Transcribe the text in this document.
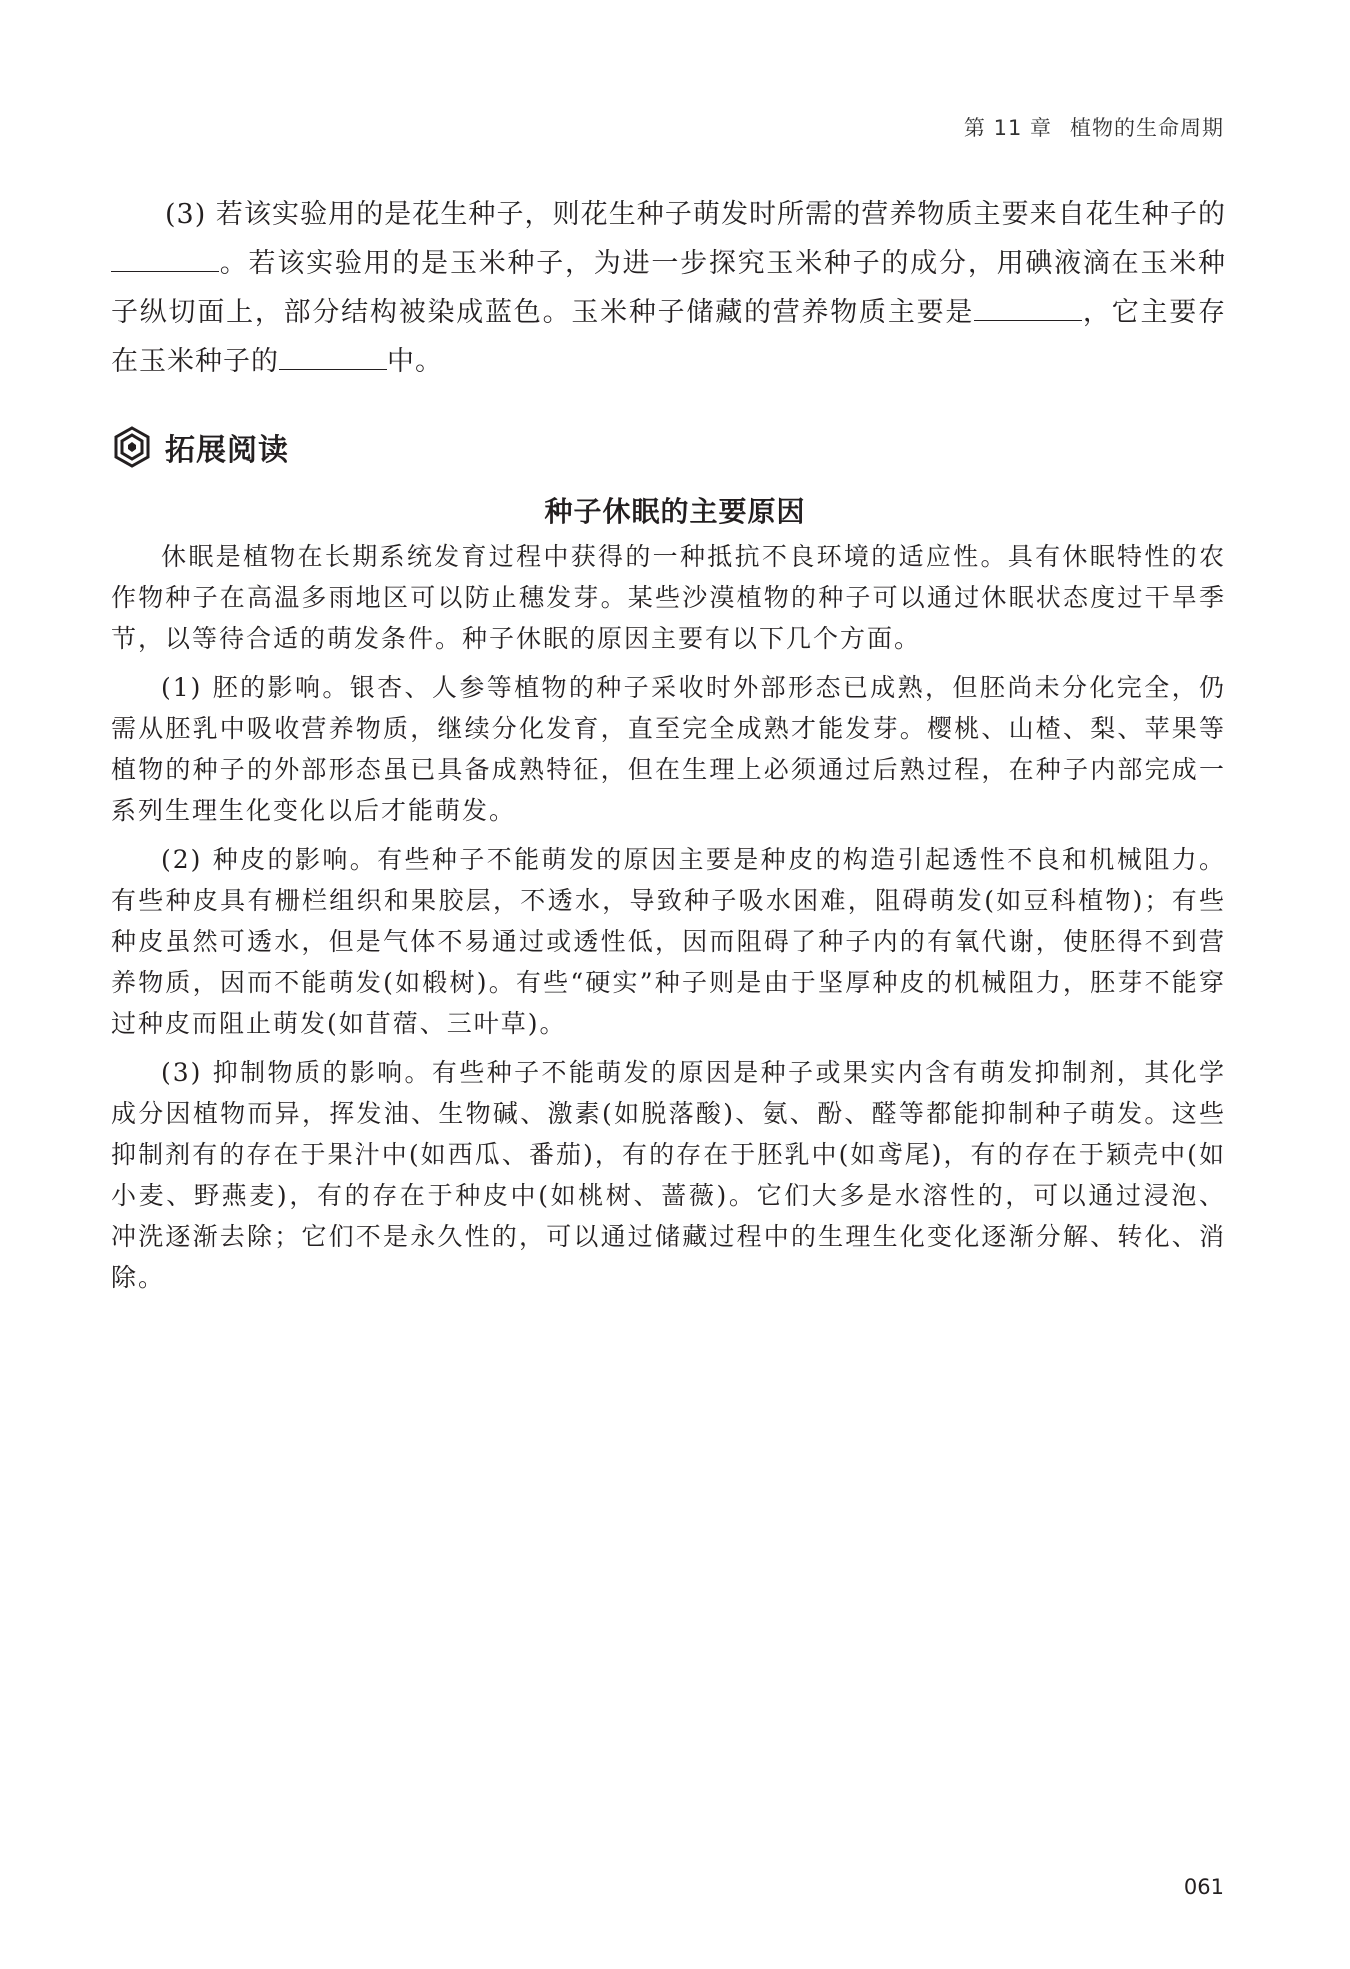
第 11 章 植物的生命周期

(3) 若该实验用的是花生种子，则花生种子萌发时所需的营养物质主要来自花生种子的。若该实验用的是玉米种子，为进一步探究玉米种子的成分，用碘液滴在玉米种子纵切面上，部分结构被染成蓝色。玉米种子储藏的营养物质主要是	，它主要存在玉米种子的	中。

拓展阅读
种子休眠的主要原因

休眠是植物在长期系统发育过程中获得的一种抵抗不良环境的适应性。具有休眠特性的农作物种子在高温多雨地区可以防止穗发芽。某些沙漠植物的种子可以通过休眠状态度过干旱季节，以等待合适的萌发条件。种子休眠的原因主要有以下几个方面。

(1) 胚的影响。银杏、人参等植物的种子采收时外部形态已成熟，但胚尚未分化完全，仍需从胚乳中吸收营养物质，继续分化发育，直至完全成熟才能发芽。樱桃、山楂、梨、苹果等植物的种子的外部形态虽已具备成熟特征，但在生理上必须通过后熟过程，在种子内部完成一系列生理生化变化以后才能萌发。

(2) 种皮的影响。有些种子不能萌发的原因主要是种皮的构造引起透性不良和机械阻力。有些种皮具有栅栏组织和果胶层，不透水，导致种子吸水困难，阻碍萌发(如豆科植物)；有些种皮虽然可透水，但是气体不易通过或透性低，因而阻碍了种子内的有氧代谢，使胚得不到营养物质，因而不能萌发(如椴树)。有些“硬实”种子则是由于坚厚种皮的机械阻力，胚芽不能穿过种皮而阻止萌发(如苜蓿、三叶草)。

(3) 抑制物质的影响。有些种子不能萌发的原因是种子或果实内含有萌发抑制剂，其化学成分因植物而异，挥发油、生物碱、激素(如脱落酸)、氨、酚、醛等都能抑制种子萌发。这些抑制剂有的存在于果汁中(如西瓜、番茄)，有的存在于胚乳中(如鸢尾)，有的存在于颖壳中(如小麦、野燕麦)，有的存在于种皮中(如桃树、蔷薇)。它们大多是水溶性的，可以通过浸泡、冲洗逐渐去除；它们不是永久性的，可以通过储藏过程中的生理生化变化逐渐分解、转化、消除。

061
